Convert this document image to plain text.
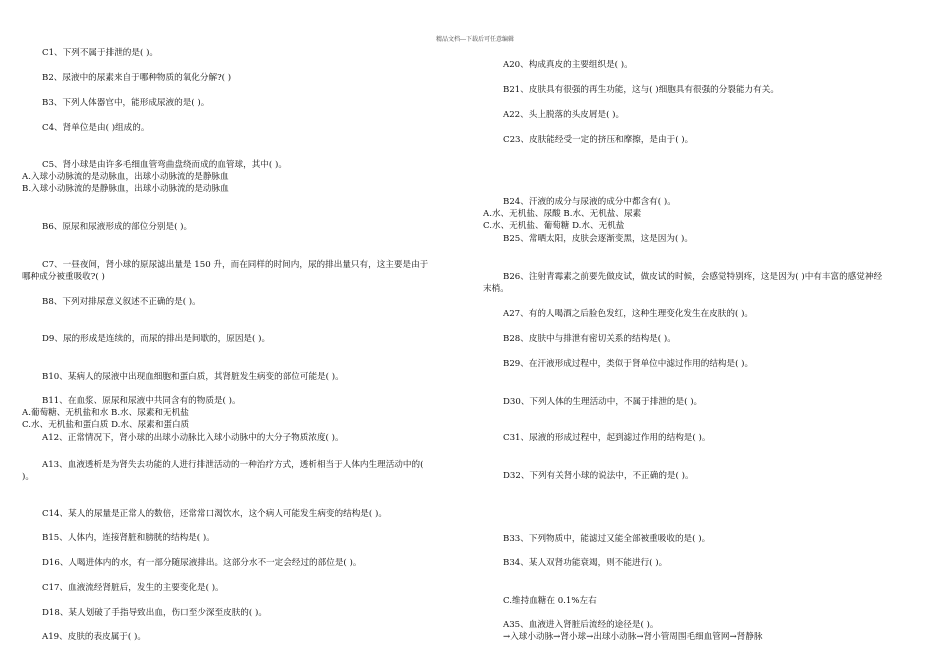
精品文档---下载后可任意编辑
C1、下列不属于排泄的是( )。
B2、尿液中的尿素来自于哪种物质的氧化分解?( )
B3、下列人体器官中，能形成尿液的是( )。
C4、肾单位是由( )组成的。
C5、肾小球是由许多毛细血管弯曲盘绕而成的血管球，其中( )。
A.入球小动脉流的是动脉血，出球小动脉流的是静脉血
B.入球小动脉流的是静脉血，出球小动脉流的是动脉血
B6、原尿和尿液形成的部位分别是( )。
C7、一昼夜间，肾小球的原尿滤出量是 150 升，而在同样的时间内，尿的排出量只有，这主要是由于
哪种成分被重吸收?( )
B8、下列对排尿意义叙述不正确的是( )。
D9、尿的形成是连续的，而尿的排出是间歇的，原因是( )。
B10、某病人的尿液中出现血细胞和蛋白质，其肾脏发生病变的部位可能是( )。
B11、在血浆、原尿和尿液中共同含有的物质是( )。
A.葡萄糖、无机盐和水 B.水、尿素和无机盐
C.水、无机盐和蛋白质 D.水、尿素和蛋白质
A12、正常情况下，肾小球的出球小动脉比入球小动脉中的大分子物质浓度( )。
A13、血液透析是为肾失去功能的人进行排泄活动的一种治疗方式，透析相当于人体内生理活动中的(
)。
C14、某人的尿量是正常人的数倍，还常常口渴饮水，这个病人可能发生病变的结构是( )。
B15、人体内，连接肾脏和膀胱的结构是( )。
D16、人喝进体内的水，有一部分随尿液排出。这部分水不一定会经过的部位是( )。
C17、血液流经肾脏后，发生的主要变化是( )。
D18、某人划破了手指导致出血，伤口至少深至皮肤的( )。
A19、皮肤的表皮属于( )。
A20、构成真皮的主要组织是( )。
B21、皮肤具有很强的再生功能，这与( )细胞具有很强的分裂能力有关。
A22、头上脱落的头皮屑是( )。
C23、皮肤能经受一定的挤压和摩擦，是由于( )。
B24、汗液的成分与尿液的成分中都含有( )。
A.水、无机盐、尿酸 B.水、无机盐、尿素
C.水、无机盐、葡萄糖 D.水、无机盐
B25、常晒太阳，皮肤会逐渐变黑，这是因为( )。
B26、注射青霉素之前要先做皮试，做皮试的时候，会感觉特别疼，这是因为( )中有丰富的感觉神经
末梢。
A27、有的人喝酒之后脸色发红，这种生理变化发生在皮肤的( )。
B28、皮肤中与排泄有密切关系的结构是( )。
B29、在汗液形成过程中，类似于肾单位中滤过作用的结构是( )。
D30、下列人体的生理活动中，不属于排泄的是( )。
C31、尿液的形成过程中，起到滤过作用的结构是( )。
D32、下列有关肾小球的说法中，不正确的是( )。
B33、下列物质中，能滤过又能全部被重吸收的是( )。
B34、某人双肾功能衰竭，则不能进行( )。
C.维持血糖在 0.1%左右
A35、血液进入肾脏后流经的途径是( )。
→入球小动脉→肾小球→出球小动脉→肾小管周围毛细血管网→肾静脉
